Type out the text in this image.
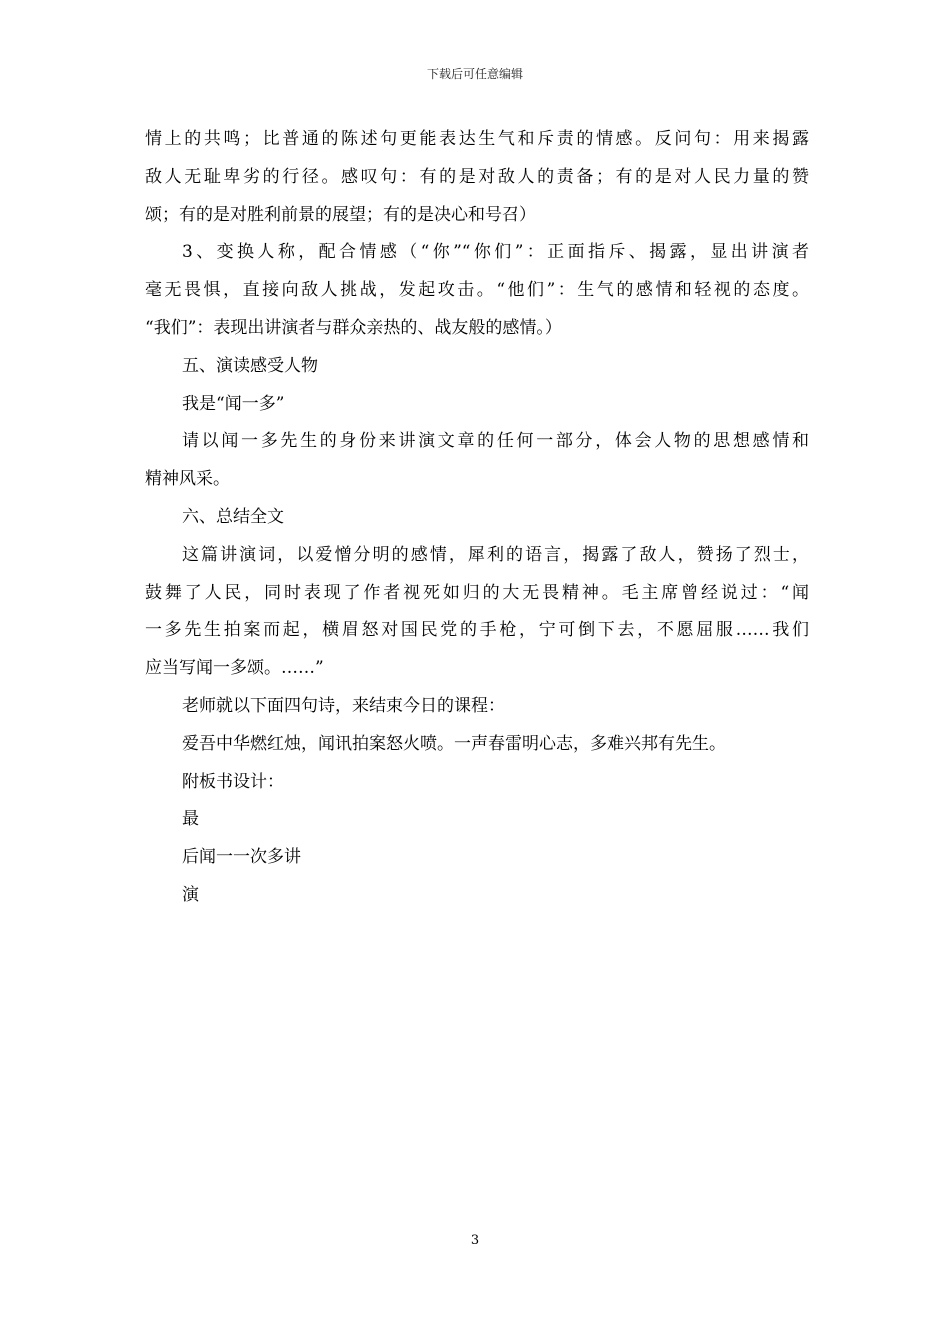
下载后可任意编辑
情上的共鸣；比普通的陈述句更能表达生气和斥责的情感。反问句：用来揭露
敌人无耻卑劣的行径。感叹句：有的是对敌人的责备；有的是对人民力量的赞
颂；有的是对胜利前景的展望；有的是决心和号召）
3、变换人称，配合情感（“你”“你们”：正面指斥、揭露，显出讲演者
毫无畏惧，直接向敌人挑战，发起攻击。“他们”：生气的感情和轻视的态度。
“我们”：表现出讲演者与群众亲热的、战友般的感情。）
五、演读感受人物
我是“闻一多”
请以闻一多先生的身份来讲演文章的任何一部分，体会人物的思想感情和
精神风采。
六、总结全文
这篇讲演词，以爱憎分明的感情，犀利的语言，揭露了敌人，赞扬了烈士，
鼓舞了人民，同时表现了作者视死如归的大无畏精神。毛主席曾经说过：“闻
一多先生拍案而起，横眉怒对国民党的手枪，宁可倒下去，不愿屈服……我们
应当写闻一多颂。……”
老师就以下面四句诗，来结束今日的课程：
爱吾中华燃红烛，闻讯拍案怒火喷。一声春雷明心志，多难兴邦有先生。
附板书设计：
最
后闻一一次多讲
演
3
